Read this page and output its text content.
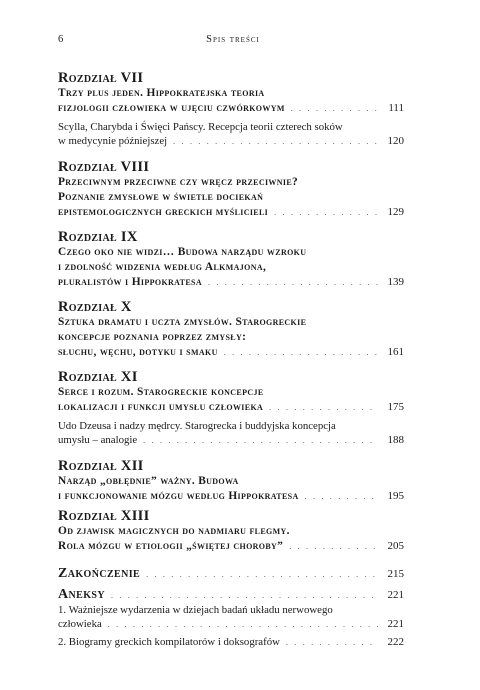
6	Spis treści
Rozdział VII
Trzy plus jeden. Hippokratejska teoria
fizjologii człowieka w ujęciu czwórkowym . . .	111
Scylla, Charybda i Święci Pańscy. Recepcja teorii czterech soków
w medycynie późniejszej . . .	120
Rozdział VIII
Przeciwnym przeciwne czy wręcz przeciwnie?
Poznanie zmysłowe w świetle dociekań
epistemologicznych greckich myślicieli . . .	129
Rozdział IX
Czego oko nie widzi… Budowa narządu wzroku
i zdolność widzenia według Alkmajona,
pluralistów i Hippokratesa . . .	139
Rozdział X
Sztuka dramatu i uczta zmysłów. Starogreckie
koncepcje poznania poprzez zmysły:
słuchu, węchu, dotyku i smaku . . .	161
Rozdział XI
Serce i rozum. Starogreckie koncepcje
lokalizacji i funkcji umysłu człowieka . . .	175
Udo Dzeusa i nadzy mędrcy. Starogrecka i buddyjska koncepcja
umysłu – analogie . . .	188
Rozdział XII
Narząd „obłędnie” ważny. Budowa
i funkcjonowanie mózgu według Hippokratesa . . .	195
Rozdział XIII
Od zjawisk magicznych do nadmiaru flegmy.
Rola mózgu w etiologii „świętej choroby” . . .	205
Zakończenie . . .	215
Aneksy . . .	221
1. Ważniejsze wydarzenia w dziejach badań układu nerwowego
człowieka . . .	221
2. Biogramy greckich kompilatorów i doksografów . . .	222
